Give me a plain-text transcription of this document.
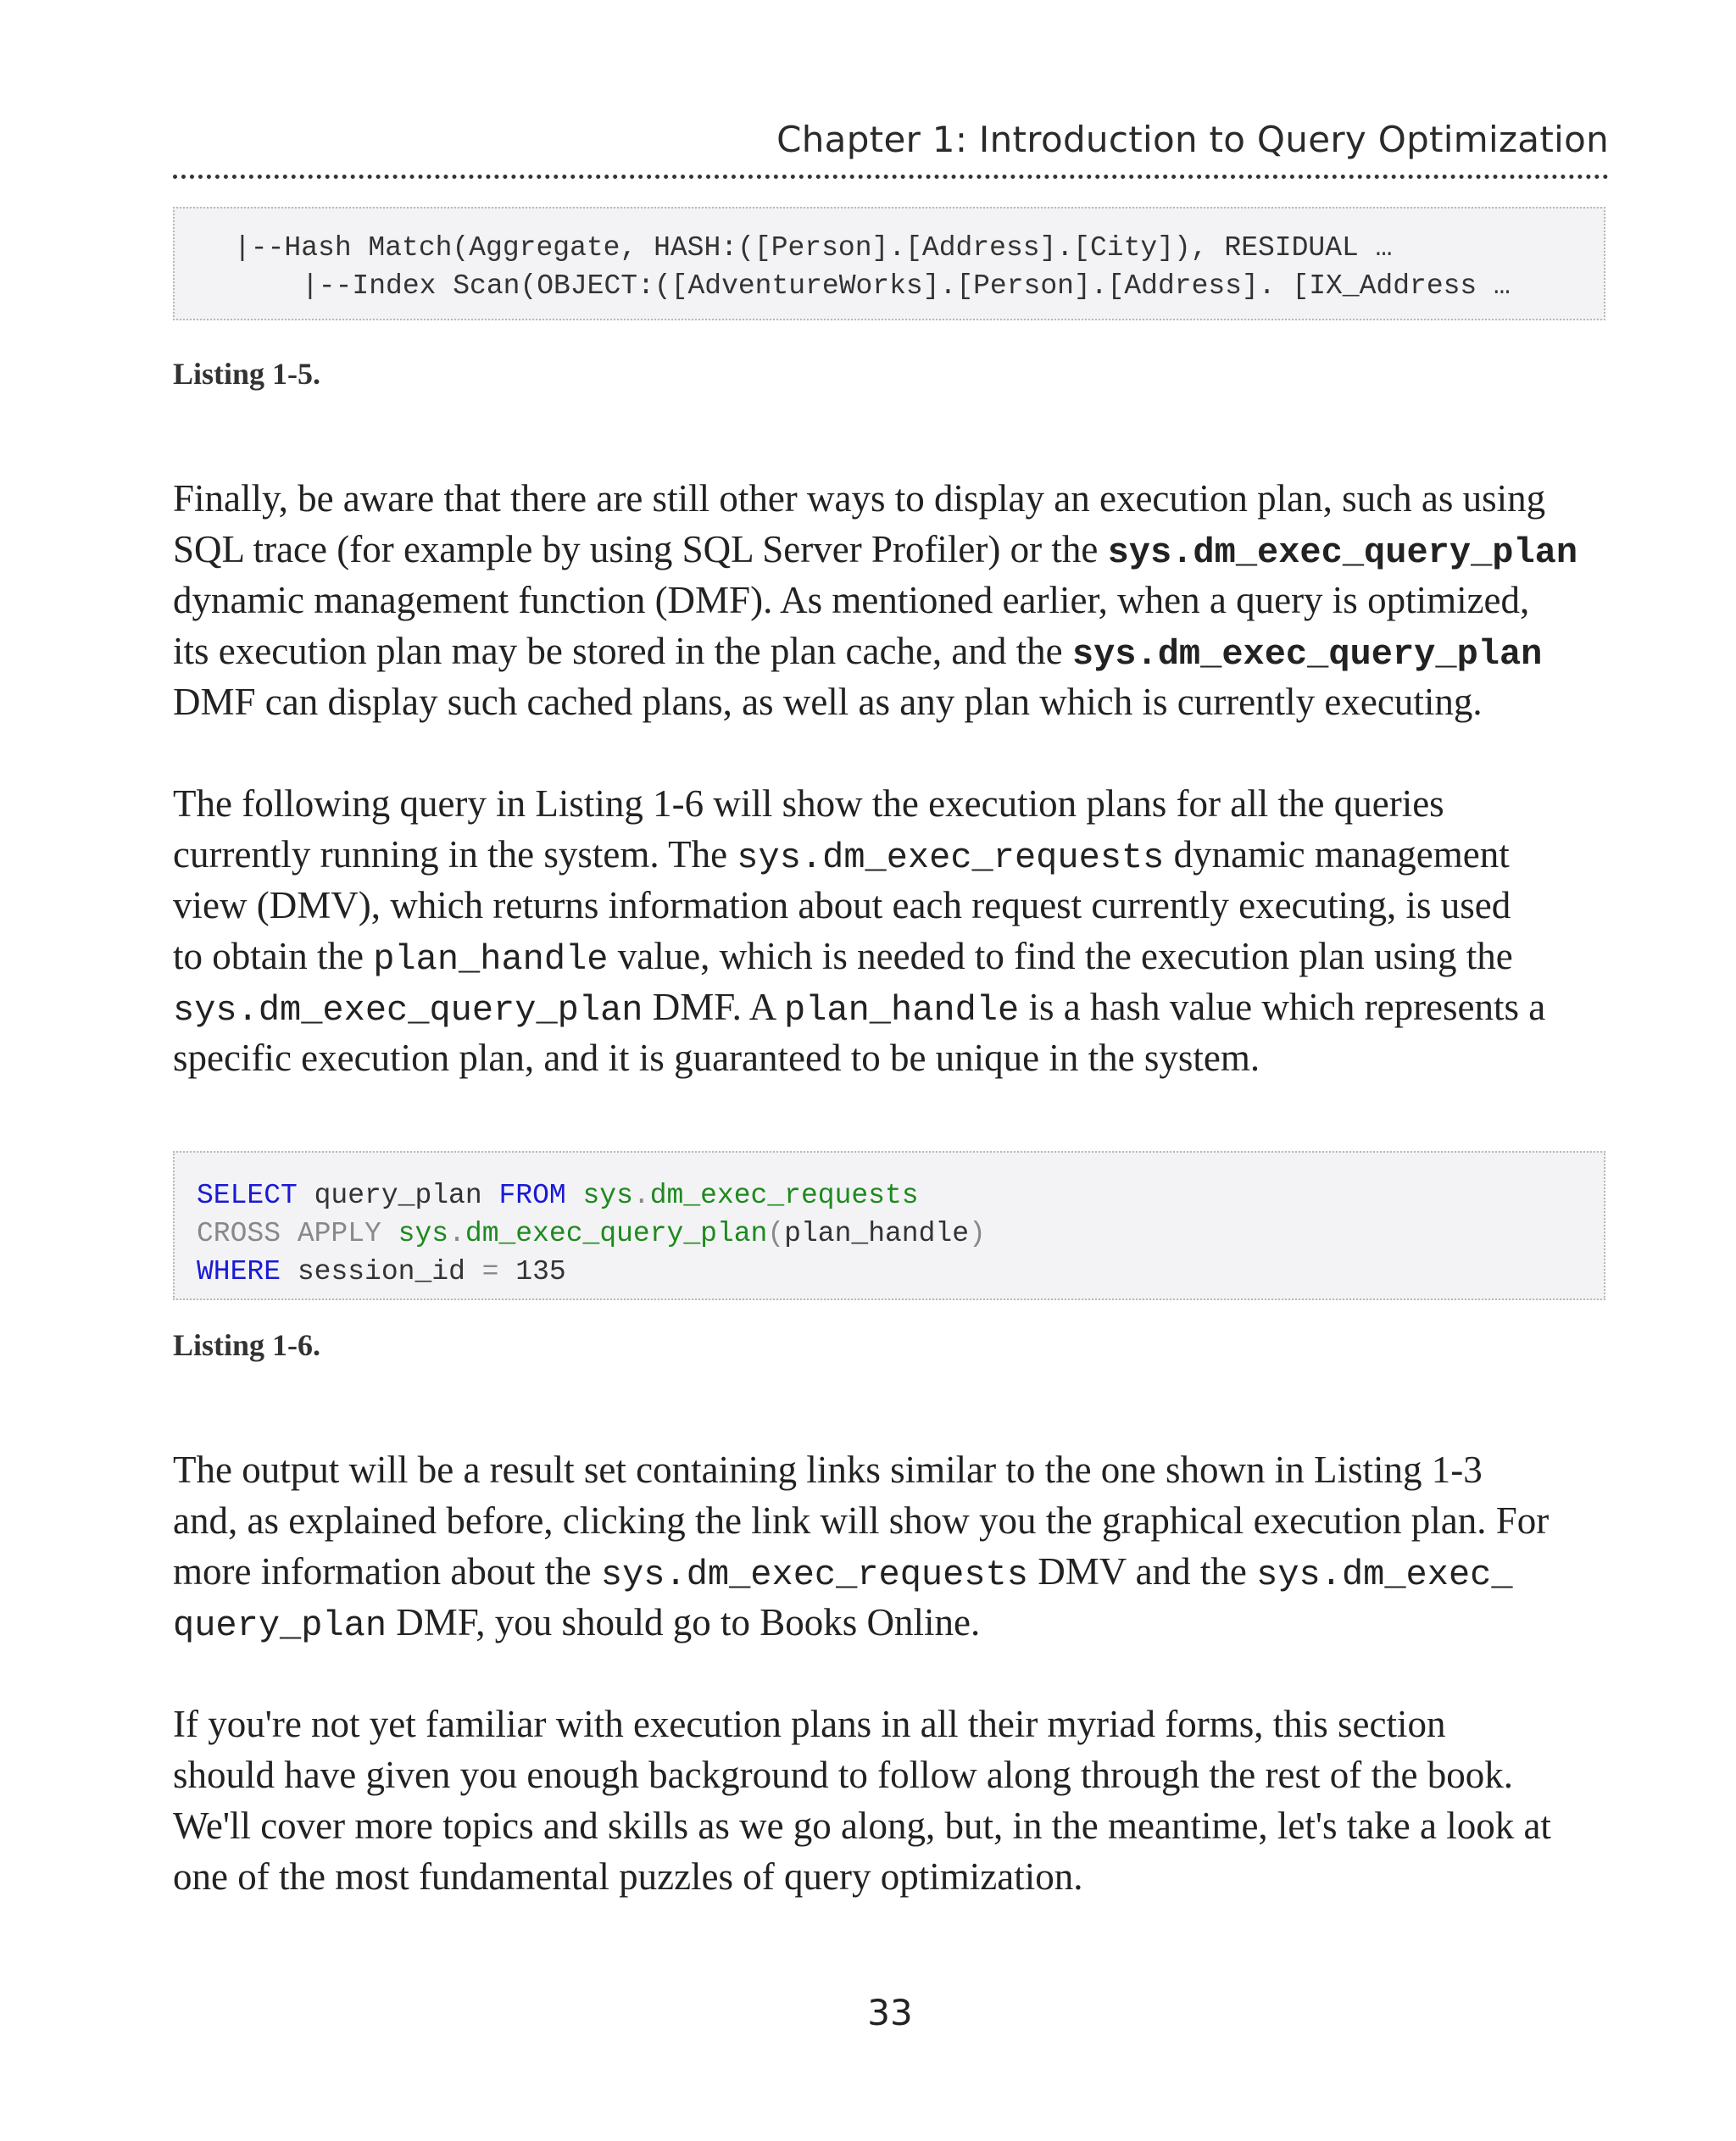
Chapter 1: Introduction to Query Optimization
|--Hash Match(Aggregate, HASH:([Person].[Address].[City]), RESIDUAL …
|--Index Scan(OBJECT:([AdventureWorks].[Person].[Address]. [IX_Address …
Listing 1-5.
Finally, be aware that there are still other ways to display an execution plan, such as using
SQL trace (for example by using SQL Server Profiler) or the sys.dm_exec_query_plan
dynamic management function (DMF). As mentioned earlier, when a query is optimized,
its execution plan may be stored in the plan cache, and the sys.dm_exec_query_plan
DMF can display such cached plans, as well as any plan which is currently executing.
The following query in Listing 1-6 will show the execution plans for all the queries
currently running in the system. The sys.dm_exec_requests dynamic management
view (DMV), which returns information about each request currently executing, is used
to obtain the plan_handle value, which is needed to find the execution plan using the
sys.dm_exec_query_plan DMF. A plan_handle is a hash value which represents a
specific execution plan, and it is guaranteed to be unique in the system.
SELECT query_plan FROM sys.dm_exec_requests
CROSS APPLY sys.dm_exec_query_plan(plan_handle)
WHERE session_id = 135
Listing 1-6.
The output will be a result set containing links similar to the one shown in Listing 1-3
and, as explained before, clicking the link will show you the graphical execution plan. For
more information about the sys.dm_exec_requests DMV and the sys.dm_exec_
query_plan DMF, you should go to Books Online.
If you're not yet familiar with execution plans in all their myriad forms, this section
should have given you enough background to follow along through the rest of the book.
We'll cover more topics and skills as we go along, but, in the meantime, let's take a look at
one of the most fundamental puzzles of query optimization.
33
